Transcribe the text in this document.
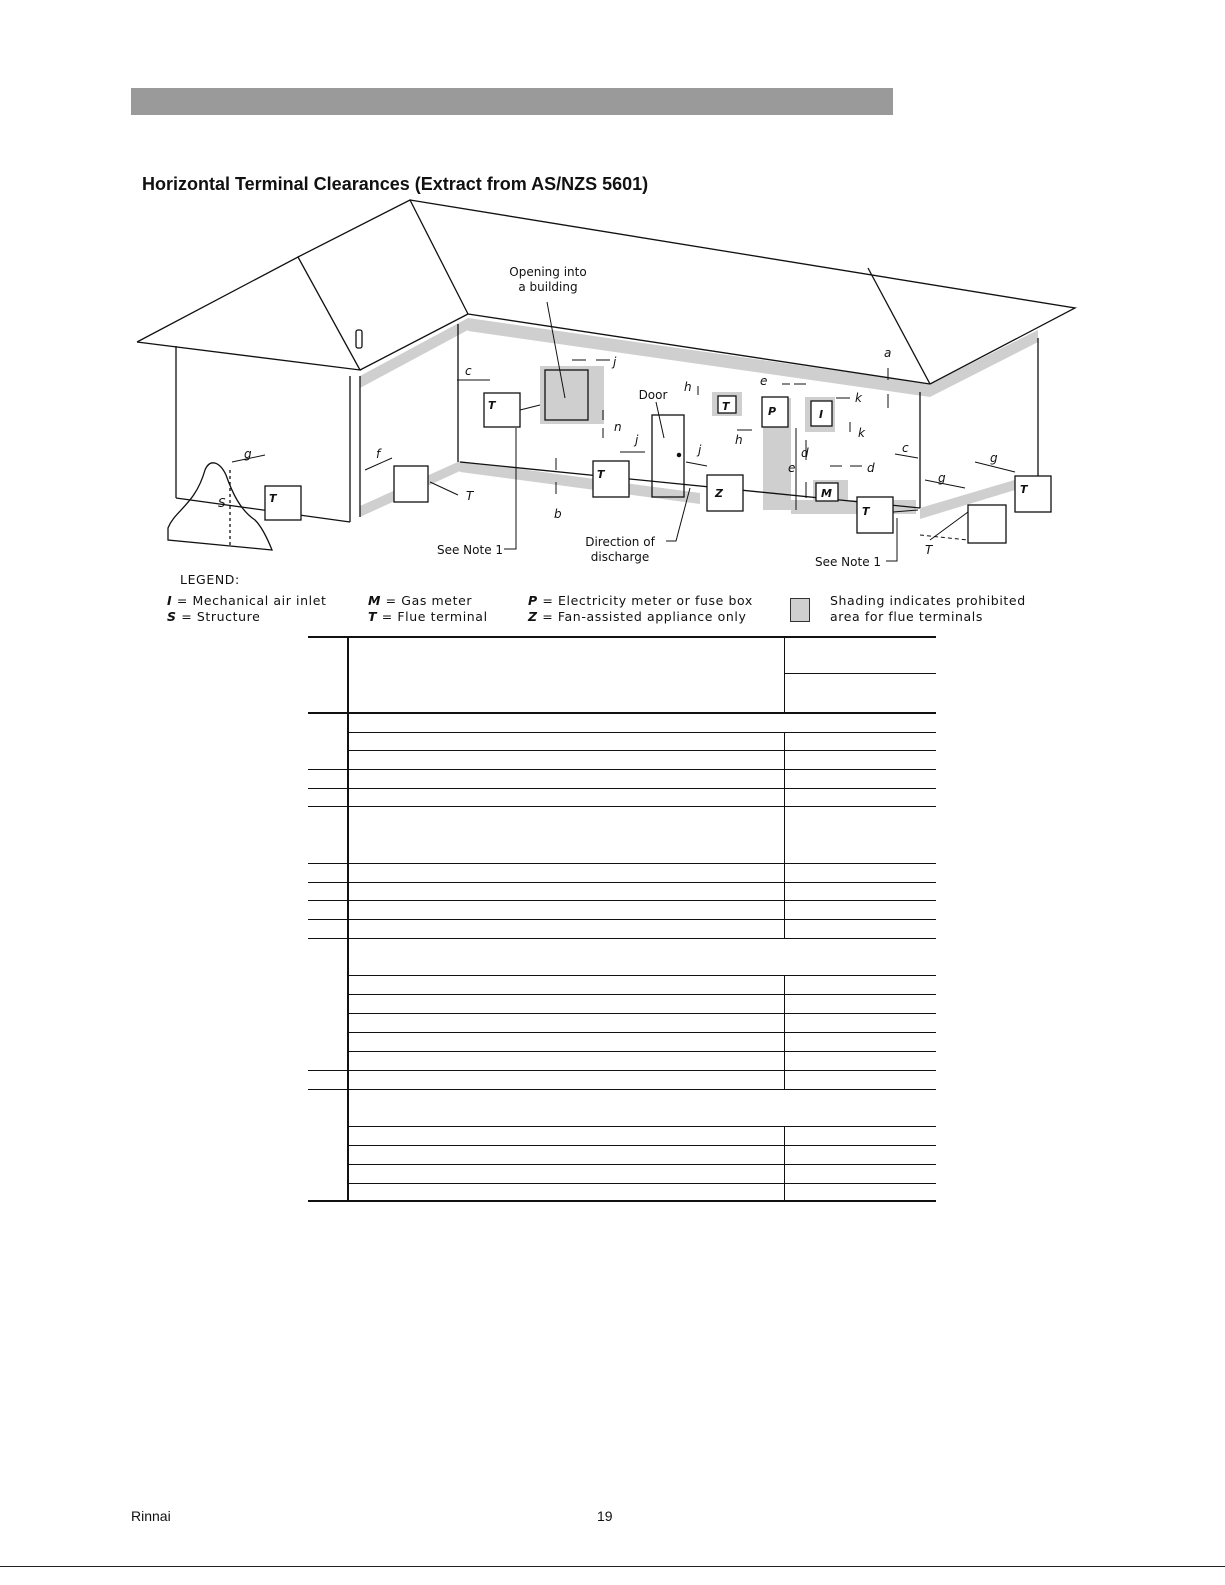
Horizontal Terminal Clearances (Extract from AS/NZS 5601)
T
T
T
T
T
T
P	I
M
Z
Opening into
a building
Door
See Note 1
See Note 1
Direction of
discharge
a
b
c
c
d
d
e
e
f
g
g
g
h
h
j
j
j
k
k
n
S	T
T
LEGEND:
I = Mechanical air inlet
S = Structure
M = Gas meter
T = Flue terminal
P = Electricity meter or fuse box
Z = Fan-assisted appliance only
Shading indicates prohibited
area for flue terminals
Rinnai	19
